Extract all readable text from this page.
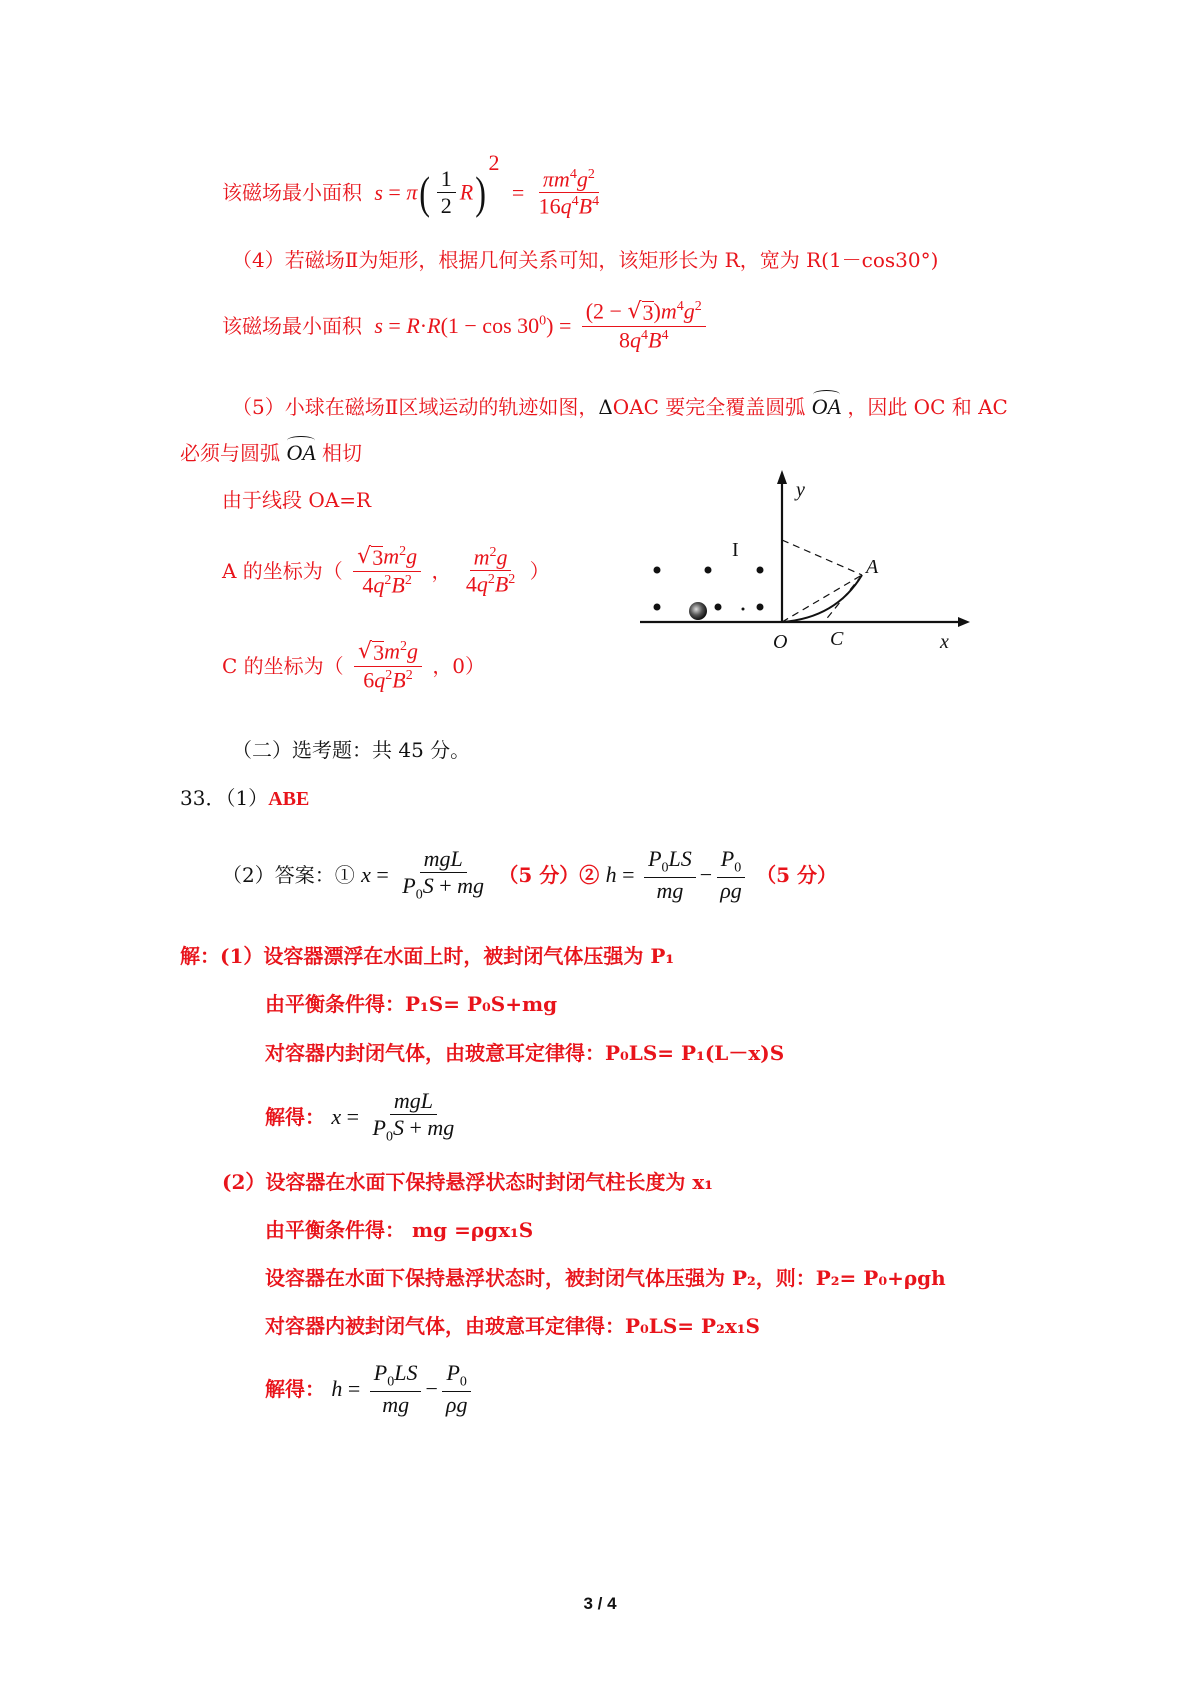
该磁场最小面积 $s = \pi( \frac{1}{2} R)^2 = \frac{\pi m^4g^2}{16q^4B^4}$
（4）若磁场Ⅱ为矩形，根据几何关系可知，该矩形长为 R，宽为 R(1－cos30°)
该磁场最小面积 $s = R\cdot R(1 - \cos 30^0) = \frac{(2 - √ 3 )m^4g^2}{8q^4B^4}$
（5）小球在磁场Ⅱ区域运动的轨迹如图，ΔOAC 要完全覆盖圆弧 OA ，因此 OC 和 AC
必须与圆弧 OA 相切
由于线段 OA=R
A 的坐标为（ $\frac{√ 3 m^2g}{4q^2B^2}$ ， $\frac{m^2g}{4q^2B^2}$ ）
C 的坐标为（ $\frac{√ 3 m^2g}{6q^2B^2}$ ，0）
y
x
O
A
C
I
（二）选考题：共 45 分。
33．（1）ABE
（2）答案：① $x = \frac{\text{mgL}}{P_0S + mg} (5$ 分）② $h = \frac{P_0LS}{mg} - \frac{P_0}{\rho g} (5$ 分）
解：(1）设容器漂浮在水面上时，被封闭气体压强为 P₁
由平衡条件得：P₁S= P₀S+mg
对容器内封闭气体，由玻意耳定律得：P₀LS= P₁(L－x)S
解得： $x = \frac{\text{mgL}}{P_0S + mg}$
(2）设容器在水面下保持悬浮状态时封闭气柱长度为 x₁
由平衡条件得： mg =ρgx₁S
设容器在水面下保持悬浮状态时，被封闭气体压强为 P₂，则：P₂= P₀+ρgh
对容器内被封闭气体，由玻意耳定律得：P₀LS= P₂x₁S
解得： $h = \frac{P_0LS}{mg} - \frac{P_0}{\rho g}$
3 / 4
